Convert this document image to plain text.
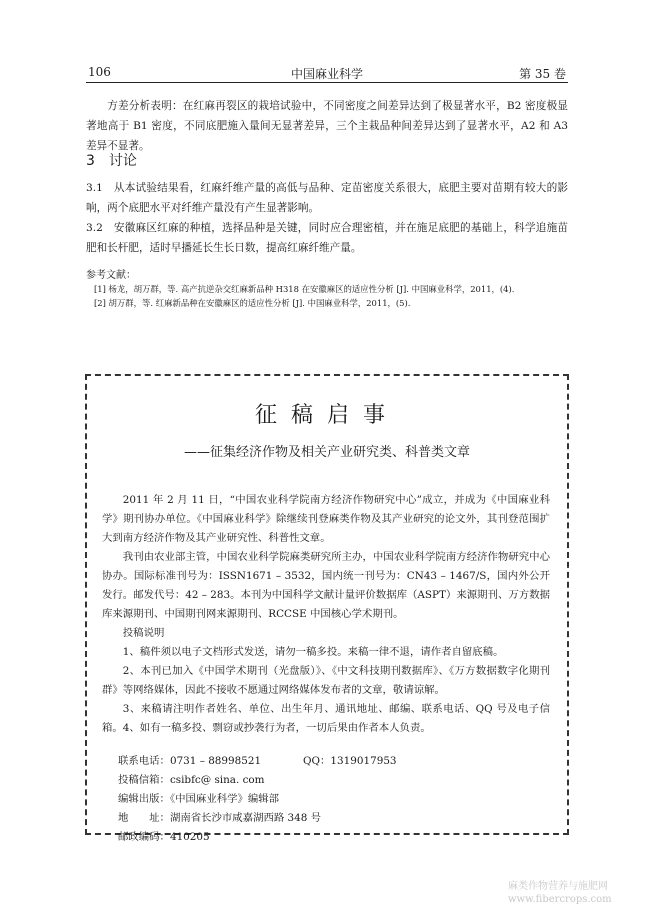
106	中国麻业科学	第 35 卷

方差分析表明：在红麻再裂区的栽培试验中，不同密度之间差异达到了极显著水平，B2 密度极显著地高于 B1 密度，不同底肥施入量间无显著差异，三个主栽品种间差异达到了显著水平，A2 和 A3 差异不显著。

3　讨论

3.1　从本试验结果看，红麻纤维产量的高低与品种、定苗密度关系很大，底肥主要对苗期有较大的影响，两个底肥水平对纤维产量没有产生显著影响。

3.2　安徽麻区红麻的种植，选择品种是关键，同时应合理密植，并在施足底肥的基础上，科学追施苗肥和长杆肥，适时早播延长生长日数，提高红麻纤维产量。

参考文献：
[1] 杨龙，胡万群，等. 高产抗逆杂交红麻新品种 H318 在安徽麻区的适应性分析 [J]. 中国麻业科学，2011，(4).
[2] 胡万群，等. 红麻新品种在安徽麻区的适应性分析 [J]. 中国麻业科学，2011，(5).
征稿启事
——征集经济作物及相关产业研究类、科普类文章

2011 年 2 月 11 日，“中国农业科学院南方经济作物研究中心”成立，并成为《中国麻业科学》期刊协办单位。《中国麻业科学》除继续刊登麻类作物及其产业研究的论文外，其刊登范围扩大到南方经济作物及其产业研究性、科普性文章。

我刊由农业部主管，中国农业科学院麻类研究所主办，中国农业科学院南方经济作物研究中心协办。国际标准刊号为：ISSN1671 – 3532，国内统一刊号为：CN43 – 1467/S，国内外公开发行。邮发代号：42 – 283。本刊为中国科学文献计量评价数据库（ASPT）来源期刊、万方数据库来源期刊、中国期刊网来源期刊、RCCSE 中国核心学术期刊。

投稿说明

1、稿件须以电子文档形式发送，请勿一稿多投。来稿一律不退，请作者自留底稿。

2、本刊已加入《中国学术期刊（光盘版）》、《中文科技期刊数据库》、《万方数据数字化期刊群》等网络媒体，因此不接收不愿通过网络媒体发布者的文章，敬请谅解。

3、来稿请注明作者姓名、单位、出生年月、通讯地址、邮编、联系电话、QQ 号及电子信箱。 4、如有一稿多投、剽窃或抄袭行为者，一切后果由作者本人负责。

联系电话：0731 – 88998521	QQ：1319017953
投稿信箱：csibfc@ sina. com
编辑出版：《中国麻业科学》编辑部
地　　址：湖南省长沙市咸嘉湖西路 348 号
邮政编码：410205
麻类作物营养与施肥网
www.fibercrops.com
